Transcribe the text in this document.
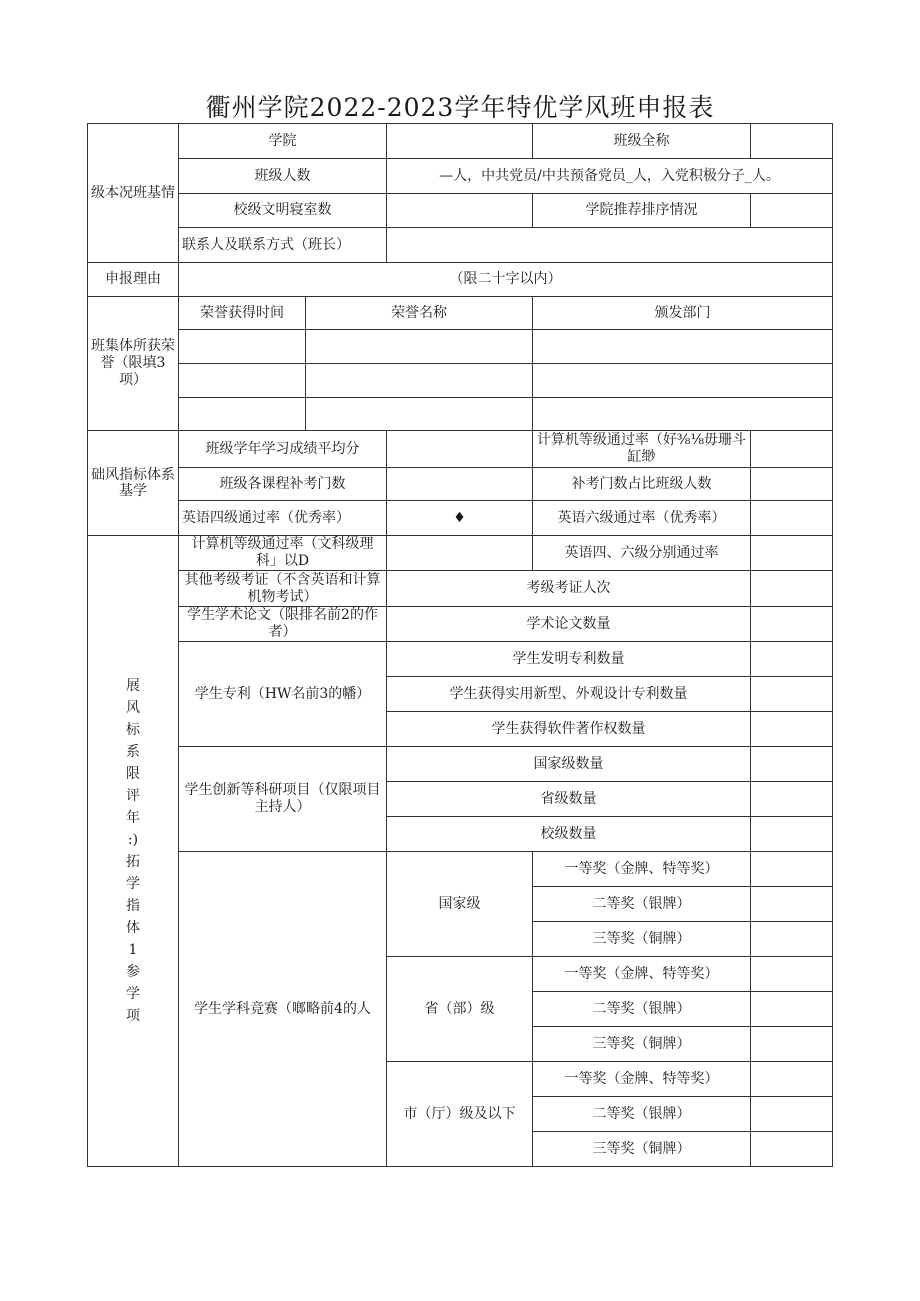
衢州学院2022-2023学年特优学风班申报表
级本况班基情	学院			班级全称	
	班级人数		—人，中共党员/中共预备党员_人，入党积极分子_人。		
	校级文明寝室数			学院推荐排序情况	
	联系人及联系方式（班长）				
申报理由	（限二十字以内）				
班集体所获荣誉（限填3项）	荣誉获得时间	荣誉名称		颁发部门	

础风指标体系基学	班级学年学习成绩平均分			计算机等级通过率（好⅜⅛毋珊斗缸缈	
	班级各课程补考门数			补考门数占比班级人数	
	英语四级通过率（优秀率）		♦	英语六级通过率（优秀率）	
展风标系限评年 :) 拓学指体 1 参学项	计算机等级通过率（文科级理科」以D			英语四、六级分别通过率	
	其他考级考证（不含英语和计算机物考试）		考级考证人次		
	学生学术论文（限排名前2的作者）		学术论文数量		
	学生专利（HW名前3的幡）		学生发明专利数量		
			学生获得实用新型、外观设计专利数量		
			学生获得软件著作权数量		
	学生创新等科研项目（仅限项目主持人）		国家级数量		
			省级数量		
			校级数量		
	学生学科竞赛（啷略前4的人		国家级	一等奖（金牌、特等奖）	
				二等奖（银牌）	
				三等奖（铜牌）	
			省（部）级	一等奖（金牌、特等奖）	
				二等奖（银牌）	
				三等奖（铜牌）	
			市（厅）级及以下	一等奖（金牌、特等奖）	
				二等奖（银牌）	
				三等奖（铜牌）	
